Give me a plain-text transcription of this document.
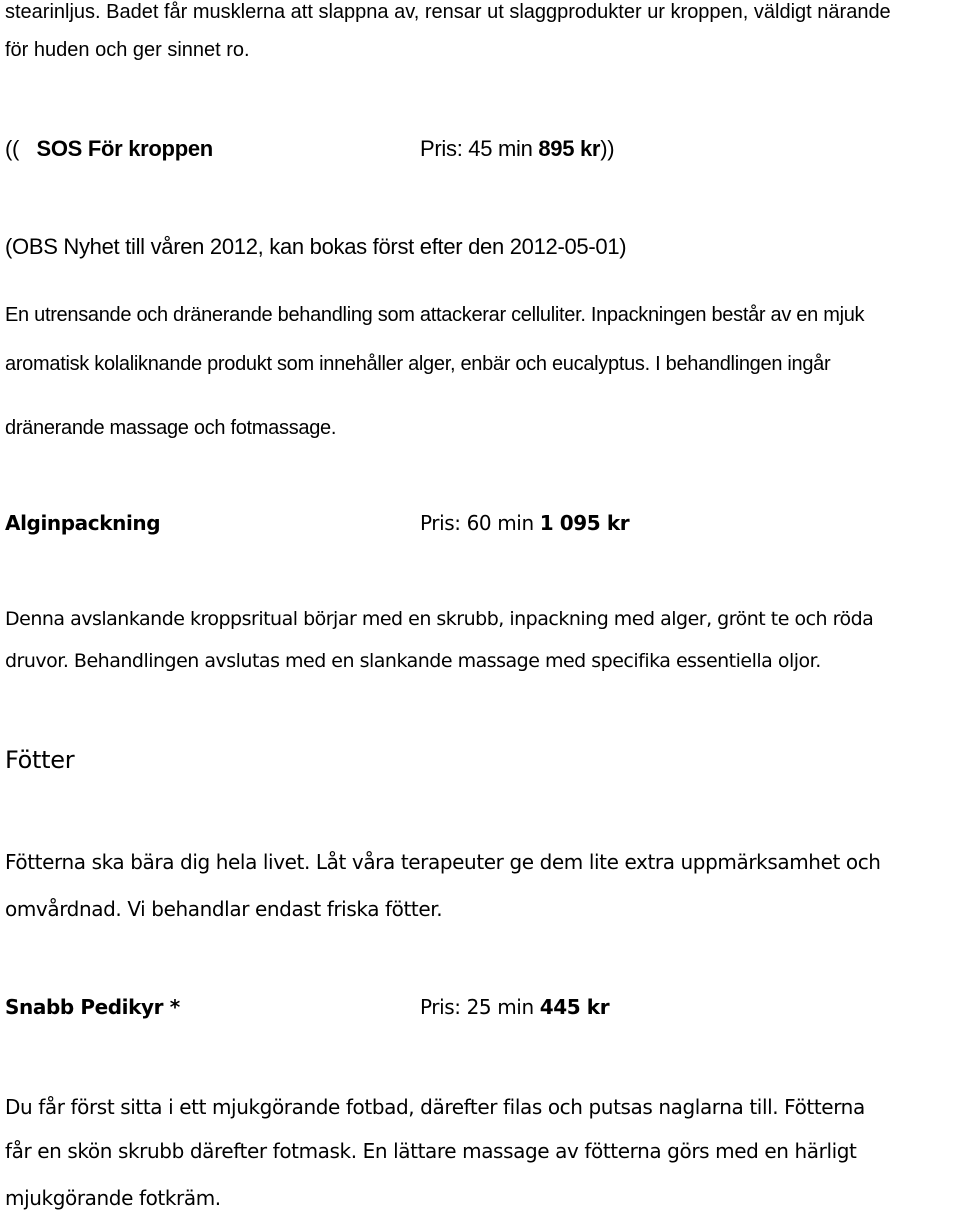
stearinljus. Badet får musklerna att slappna av, rensar ut slaggprodukter ur kroppen, väldigt närande

för huden och ger sinnet ro.

(( SOS För kroppen	Pris: 45 min 895 kr))

(OBS Nyhet till våren 2012, kan bokas först efter den 2012-05-01)

En utrensande och dränerande behandling som attackerar celluliter. Inpackningen består av en mjuk

aromatisk kolaliknande produkt som innehåller alger, enbär och eucalyptus. I behandlingen ingår

dränerande massage och fotmassage.

Alginpackning	Pris: 60 min 1 095 kr

Denna avslankande kroppsritual börjar med en skrubb, inpackning med alger, grönt te och röda

druvor. Behandlingen avslutas med en slankande massage med specifika essentiella oljor.

Fötter

Fötterna ska bära dig hela livet. Låt våra terapeuter ge dem lite extra uppmärksamhet och

omvårdnad. Vi behandlar endast friska fötter.

Snabb Pedikyr *	Pris: 25 min 445 kr

Du får först sitta i ett mjukgörande fotbad, därefter filas och putsas naglarna till. Fötterna

får en skön skrubb därefter fotmask. En lättare massage av fötterna görs med en härligt

mjukgörande fotkräm.
